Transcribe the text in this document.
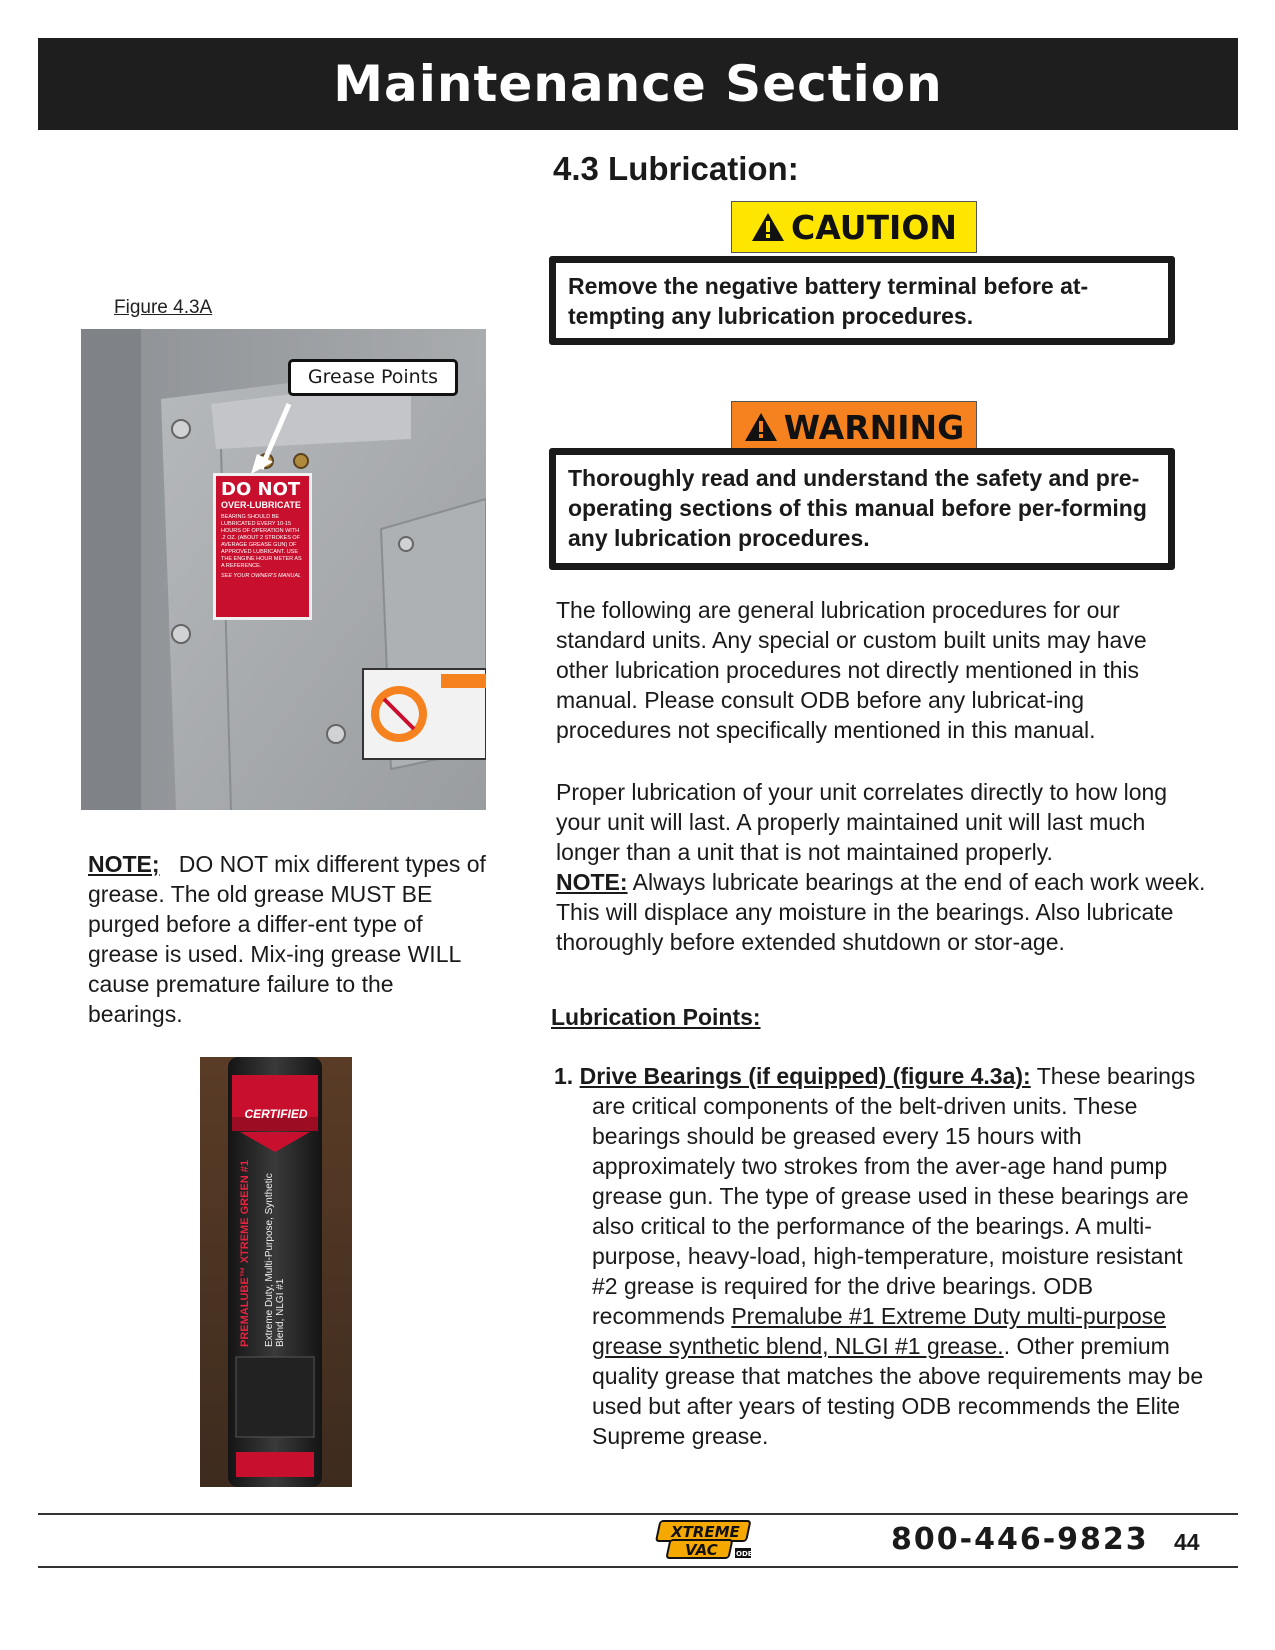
Maintenance Section
4.3 Lubrication:
CAUTION
Remove the negative battery terminal before at-tempting any lubrication procedures.
WARNING
Thoroughly read and understand the safety and pre-operating sections of this manual before per-forming any lubrication procedures.

The following are general lubrication procedures for our standard units. Any special or custom built units may have other lubrication procedures not directly mentioned in this manual. Please consult ODB before any lubricat-ing procedures not specifically mentioned in this manual.

Proper lubrication of your unit correlates directly to how long your unit will last. A properly maintained unit will last much longer than a unit that is not maintained properly.
NOTE: Always lubricate bearings at the end of each work week. This will displace any moisture in the bearings. Also lubricate thoroughly before extended shutdown or stor-age.

Lubrication Points:
1. Drive Bearings (if equipped) (figure 4.3a): These bearings are critical components of the belt-driven units. These bearings should be greased every 15 hours with approximately two strokes from the aver-age hand pump grease gun. The type of grease used in these bearings are also critical to the performance of the bearings. A multi-purpose, heavy-load, high-temperature, moisture resistant #2 grease is required for the drive bearings. ODB recommends Premalube #1 Extreme Duty multi-purpose grease synthetic blend, NLGI #1 grease.. Other premium quality grease that matches the above requirements may be used but after years of testing ODB recommends the Elite Supreme grease.
Figure 4.3A
DO NOT
OVER-LUBRICATE
BEARING SHOULD BE LUBRICATED EVERY 10-15 HOURS OF OPERATION WITH .2 OZ. (ABOUT 2 STROKES OF AVERAGE GREASE GUN) OF APPROVED LUBRICANT. USE THE ENGINE HOUR METER AS A REFERENCE.
SEE YOUR OWNER'S MANUAL
Grease Points
NOTE;   DO NOT mix different types of grease. The old grease MUST BE purged before a differ-ent type of grease is used. Mix-ing grease WILL cause premature failure to the bearings.
CERTIFIED
PREMALUBE™ XTREME GREEN #1	Extreme Duty, Multi-Purpose, Synthetic Blend, NLGI #1
XTREME
VAC	ODB	800-446-9823 44
